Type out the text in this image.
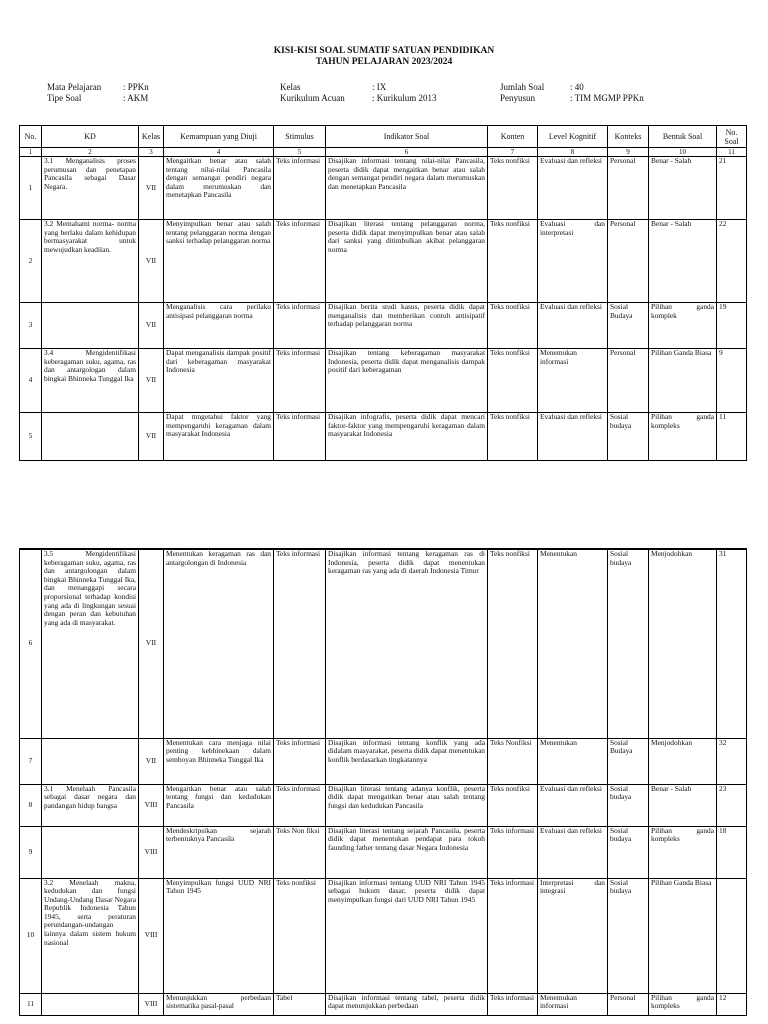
KISI-KISI SOAL SUMATIF SATUAN PENDIDIKAN
TAHUN PELAJARAN 2023/2024
Mata Pelajaran : PPKn
Tipe Soal	: AKM
Kelas	: IX
Kurikulum Acuan	: Kurikulum 2013
Jumlah Soal	: 40
Penyusun	: TIM MGMP PPKn
No.	KD	Kelas	Kemampuan yang Diuji	Stimulus	Indikator Soal	Konten	Level Kognitif	Konteks	Bentuk Soal	No. Soal
1	2	3	4	5	6	7	8	9	10	11
1	3.1 Menganalisis proses perumusan dan penetapan Pancasila sebagai Dasar Negara.	VII	Mengaitkan benar atau salah tentang nilai-nilai Pancasila dengan semangat pendiri negara dalam merumuskan dan menetapkan Pancasila	Teks informasi	Disajikan informasi tentang nilai-nilai Pancasila, peserta didik dapat mengaitkan benar atau salah dengan semangat pendiri negara dalam merumuskan dan menetapkan Pancasila	Teks nonfiksi	Evaluasi dan refleksi	Personal	Benar - Salah	21
2	3.2 Memahami norma- norma yang berlaku dalam kehidupan bermasyarakat untuk mewujudkan keadilan.	VII	Menyimpulkan benar atau salah tentang pelanggaran norma dengan sanksi terhadap pelanggaran norma	Teks informasi	Disajikan literasi tentang pelanggaran norma, peserta didik dapat menyimpulkan benar atau salah dari sanksi yang ditimbulkan akibat pelanggaran norma	Teks nonfiksi	Evaluasi dan interpretasi	Personal	Benar - Salah	22
3		VII	Menganalisis cara perilaku antisipasi pelanggaran norma	Teks informasi	Disajikan berita studi kasus, peserta didik dapat menganalisis dan memberikan contoh antisipatif terhadap pelanggaran norma	Teks nonfiksi	Evaluasi dan refleksi	Sosial Budaya	Pilihan ganda komplek	19
4	3.4 Mengidentifikasi keberagaman suku, agama, ras dan antargologan dalam bingkai Bhinneka Tunggal Ika	VII	Dapat menganalisis dampak positif dari keberagaman masyarakat Indonesia	Teks informasi	Disajikan tentang keberagaman masyarakat Indonesia, peserta didik dapat menganalisis dampak positif dari keberagaman	Teks nonfiksi	Menemukan informasi	Personal	Pilihan Ganda Biasa	9
5		VII	Dapat mngetahui faktor yang mempengaruhi keragaman dalam masyarakat Indonesia	Teks informasi	Disajikan infografis, peserta didik dapat mencari faktor-faktor yang mempengaruhi keragaman dalam masyarakat Indonesia	Teks nonfiksi	Evaluasi dan refleksi	Sosial budaya	Pilihan ganda kompleks	11
6	3.5 Mengidentifikasi keberagaman suku, agama, ras dan antargolongan dalam bingkai Bhinneka Tunggal Ika, dan menanggapi secara proporsional terhadap kondisi yang ada di lingkungan sesuai dengan peran dan kebutuhan yang ada di masyarakat.	VII	Menentukan keragaman ras dan antargolongan di Indonesia	Teks informasi	Disajikan informasi tentang keragaman ras di Indonesia, peserta didik dapat menentukan keragaman ras yang ada di daerah Indonesia Timur	Teks nonfiksi	Menentukan	Sosial budaya	Menjodohkan	31
7		VII	Menentukan cara menjaga nilai penting kebhinekaan dalam semboyan Bhinneka Tunggal Ika	Teks informasi	Disajikan informasi tentang konflik yang ada didalam masyarakat, peserta didik dapat menentukan konflik berdasarkan tingkatannya	Teks Nonfiksi	Menentukan	Sosial Budaya	Menjodohkan	32
8	3.1 Menelaah Pancasila sebagai dasar negara dan pandangan hidup bangsa	VIII	Mengaitkan benar atau salah tentang fungsi dan kedudukan Pancasila	Teks informasi	Disajikan literasi tentang adanya konflik, peserta didik dapat mengaitkan benar atau salah tentang fungsi dan kedudukan Pancasila	Teks nonfiksi	Evaluasi dan refleksi	Sosial budaya	Benar - Salah	23
9		VIII	Mendeskripsikan sejarah terbentuknya Pancasila	Teks Non fiksi	Disajikan literasi tentang sejarah Pancasila, peserta didik dapat menentukan pendapat para tokoh faunding father tentang dasar Negara Indonesia	Teks informasi	Evaluasi dan refleksi	Sosial budaya	Pilihan ganda kompleks	18
10	3.2 Menelaah makna, kedudukan dan fungsi Undang-Undang Dasar Negara Republik Indonesia Tahun 1945, serta peraturan perundangan-undangan lainnya dalam sistem hukum nasional	VIII	Menyimpulkan fungsi UUD NRI Tahun 1945	Teks nonfiksi	Disajikan informasi tentang UUD NRI Tahun 1945 sebagai hukum dasar, peserta didik dapat menyimpulkan fungsi dari UUD NRI Tahun 1945	Teks informasi	Interpretasi dan integrasi	Sosial budaya	Pilihan Ganda Biasa	
11		VIII	Menunjukkan perbedaan sistematika pasal-pasal	Tabel	Disajikan informasi tentang tabel, peserta didik dapat menunjukkan perbedaan	Teks informasi	Menemukan informasi	Personal	Pilihan ganda kompleks	12
